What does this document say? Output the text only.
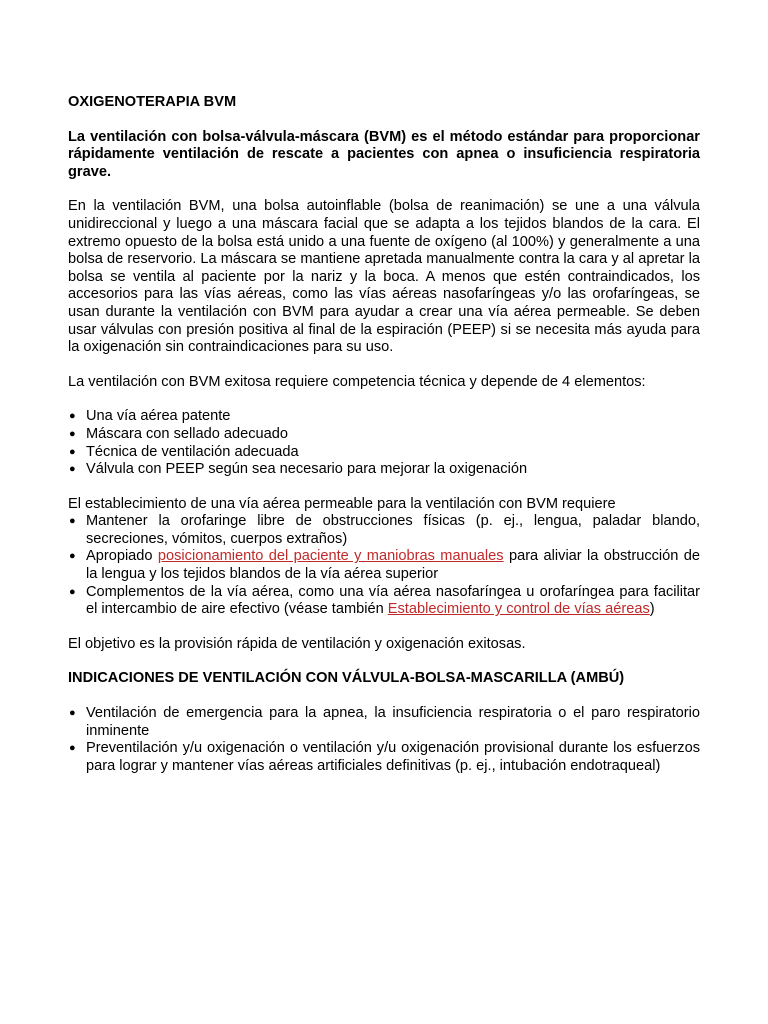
OXIGENOTERAPIA BVM

La ventilación con bolsa-válvula-máscara (BVM) es el método estándar para proporcionar rápidamente ventilación de rescate a pacientes con apnea o insuficiencia respiratoria grave.

En la ventilación BVM, una bolsa autoinflable (bolsa de reanimación) se une a una válvula unidireccional y luego a una máscara facial que se adapta a los tejidos blandos de la cara. El extremo opuesto de la bolsa está unido a una fuente de oxígeno (al 100%) y generalmente a una bolsa de reservorio. La máscara se mantiene apretada manualmente contra la cara y al apretar la bolsa se ventila al paciente por la nariz y la boca. A menos que estén contraindicados, los accesorios para las vías aéreas, como las vías aéreas nasofaríngeas y/o las orofaríngeas, se usan durante la ventilación con BVM para ayudar a crear una vía aérea permeable. Se deben usar válvulas con presión positiva al final de la espiración (PEEP) si se necesita más ayuda para la oxigenación sin contraindicaciones para su uso.

La ventilación con BVM exitosa requiere competencia técnica y depende de 4 elementos:

● Una vía aérea patente
● Máscara con sellado adecuado
● Técnica de ventilación adecuada
● Válvula con PEEP según sea necesario para mejorar la oxigenación

El establecimiento de una vía aérea permeable para la ventilación con BVM requiere

● Mantener la orofaringe libre de obstrucciones físicas (p. ej., lengua, paladar blando, secreciones, vómitos, cuerpos extraños)
● Apropiado posicionamiento del paciente y maniobras manuales para aliviar la obstrucción de la lengua y los tejidos blandos de la vía aérea superior
● Complementos de la vía aérea, como una vía aérea nasofaríngea u orofaríngea para facilitar el intercambio de aire efectivo (véase también Establecimiento y control de vías aéreas)

El objetivo es la provisión rápida de ventilación y oxigenación exitosas.

INDICACIONES DE VENTILACIÓN CON VÁLVULA-BOLSA-MASCARILLA (AMBÚ)

● Ventilación de emergencia para la apnea, la insuficiencia respiratoria o el paro respiratorio inminente
● Preventilación y/u oxigenación o ventilación y/u oxigenación provisional durante los esfuerzos para lograr y mantener vías aéreas artificiales definitivas (p. ej., intubación endotraqueal)
